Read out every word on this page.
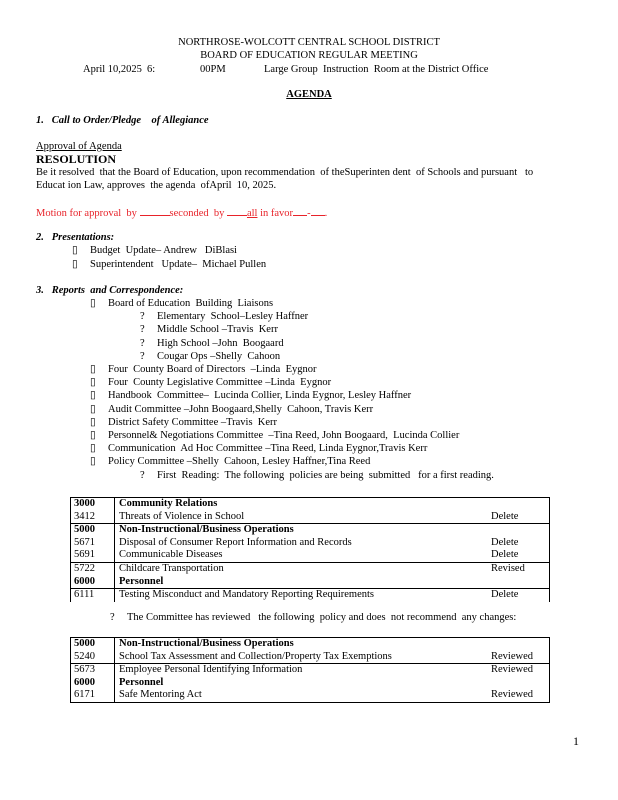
NORTHROSE-WOLCOTT CENTRAL SCHOOL DISTRICT
BOARD OF EDUCATION REGULAR MEETING
April 10,2025 6:	00PM	Large Group  Instruction  Room at the District Office
AGENDA
1.   Call to Order/Pledge    of Allegiance
Approval of Agenda
RESOLUTION
Be it resolved  that the Board of Education, upon recommendation  of theSuperinten dent  of Schools and pursuant   to
Educat ion Law, approves  the agenda  ofApril  10, 2025.
Motion for approval  by	seconded  by all in favor - .
2.   Presentations:
▯ Budget  Update– Andrew   DiBlasi
▯ Superintendent   Update–  Michael Pullen
3.   Reports  and Correspondence:
▯ Board of Education  Building  Liaisons
? Elementary  School–Lesley Haffner
? Middle School –Travis  Kerr
? High School –John  Boogaard
? Cougar Ops –Shelly  Cahoon
▯ Four  County Board of Directors  –Linda  Eygnor
▯ Four  County Legislative Committee –Linda  Eygnor
▯ Handbook  Committee–  Lucinda Collier, Linda Eygnor, Lesley Haffner
▯ Audit Committee –John Boogaard,Shelly  Cahoon, Travis Kerr
▯ District Safety Committee –Travis  Kerr
▯ Personnel& Negotiations Committee  –Tina Reed, John Boogaard,  Lucinda Collier
▯ Communication  Ad Hoc Committee –Tina Reed, Linda Eygnor,Travis Kerr
▯ Policy Committee –Shelly  Cahoon, Lesley Haffner,Tina Reed
? First  Reading:  The following  policies are being  submitted   for a first reading.
3000 Community Relations
3412 Threats of Violence in School	Delete
5000 Non-Instructional/Business Operations
5671 Disposal of Consumer Report Information and Records	Delete
5691 Communicable Diseases	Delete
5722 Childcare Transportation	Revised
6000 Personnel
6111 Testing Misconduct and Mandatory Reporting Requirements	Delete
? The Committee has reviewed   the following  policy and does  not recommend  any changes:
5000 Non-Instructional/Business Operations
5240 School Tax Assessment and Collection/Property Tax Exemptions	Reviewed
5673 Employee Personal Identifying Information	Reviewed
6000 Personnel
6171 Safe Mentoring Act	Reviewed
1
